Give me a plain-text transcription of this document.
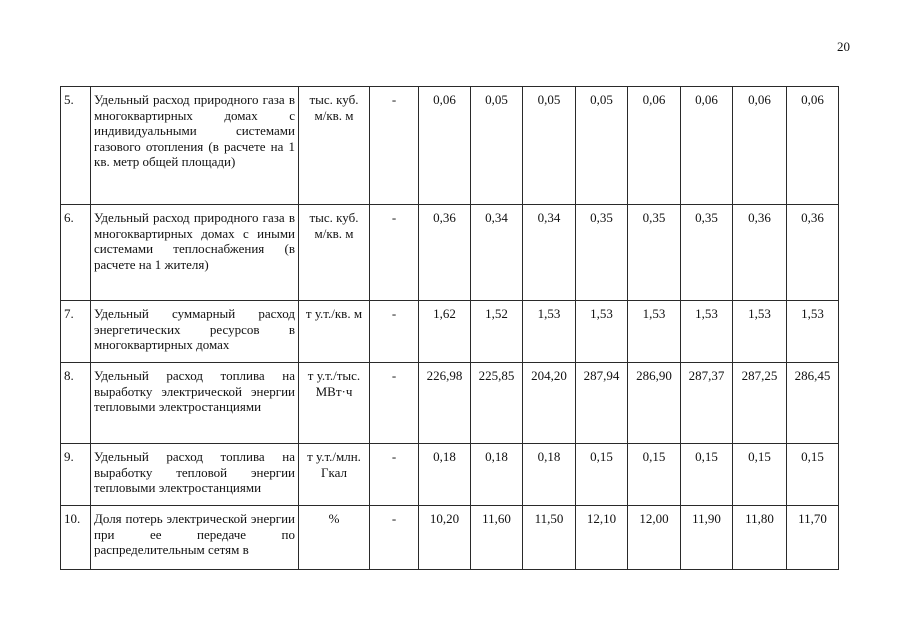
20
5.	Удельный расход природного газа в многоквартирных домах с индивидуальными системами газового отопления (в расчете на 1 кв. метр общей площади)	тыс. куб. м/кв. м	-	0,06	0,05	0,05	0,05	0,06	0,06	0,06	0,06
6.	Удельный расход природного газа в многоквартирных домах с иными системами теплоснабжения (в расчете на 1 жителя)	тыс. куб. м/кв. м	-	0,36	0,34	0,34	0,35	0,35	0,35	0,36	0,36
7.	Удельный суммарный расход энергетических ресурсов в многоквартирных домах	т у.т./кв. м	-	1,62	1,52	1,53	1,53	1,53	1,53	1,53	1,53
8.	Удельный расход топлива на выработку электрической энергии тепловыми электростанциями	т у.т./тыс. МВт·ч	-	226,98	225,85	204,20	287,94	286,90	287,37	287,25	286,45
9.	Удельный расход топлива на выработку тепловой энергии тепловыми электростанциями	т у.т./млн. Гкал	-	0,18	0,18	0,18	0,15	0,15	0,15	0,15	0,15
10.	Доля потерь электрической энергии при ее передаче по распределительным сетям в	%	-	10,20	11,60	11,50	12,10	12,00	11,90	11,80	11,70
